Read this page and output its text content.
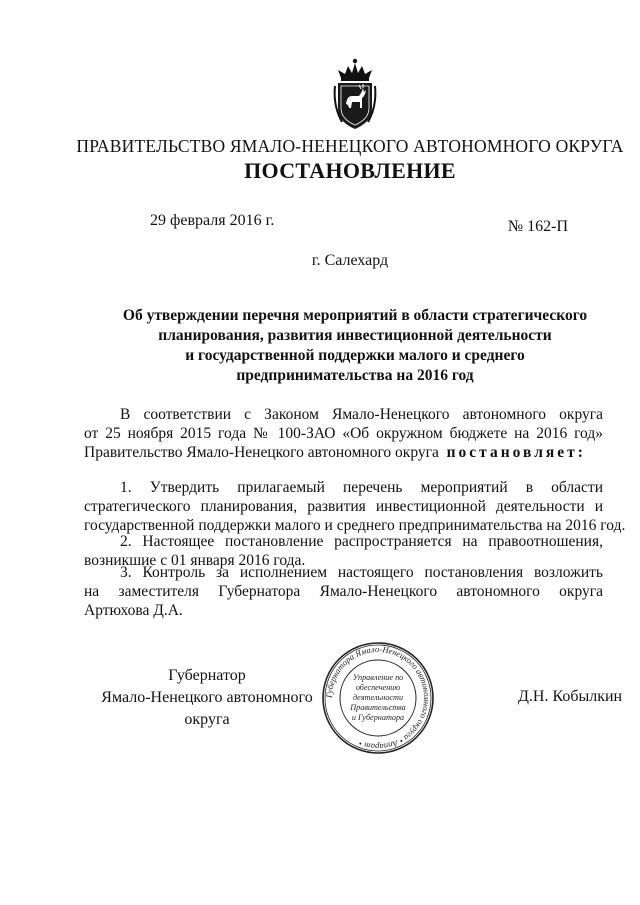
ПРАВИТЕЛЬСТВО ЯМАЛО-НЕНЕЦКОГО АВТОНОМНОГО ОКРУГА
ПОСТАНОВЛЕНИЕ
29 февраля 2016 г.	№ 162-П
г. Салехард
Об утверждении перечня мероприятий в области стратегического
планирования, развития инвестиционной деятельности
и государственной поддержки малого и среднего
предпринимательства на 2016 год
В соответствии с Законом Ямало-Ненецкого автономного округа
от 25 ноября 2015 года № 100-ЗАО «Об окружном бюджете на 2016 год»
Правительство Ямало-Ненецкого автономного округа постановляет:
1. Утвердить прилагаемый перечень мероприятий в области
стратегического планирования, развития инвестиционной деятельности и
государственной поддержки малого и среднего предпринимательства на 2016 год.
2. Настоящее постановление распространяется на правоотношения,
возникшие с 01 января 2016 года.
3. Контроль за исполнением настоящего постановления возложить
на заместителя Губернатора Ямало-Ненецкого автономного округа
Артюхова Д.А.
Губернатор
Ямало-Ненецкого автономного округа
Губернатора Ямало-Ненецкого автономного округа • Аппарат •
Управление по
обеспечению
деятельности
Правительства
и Губернатора
Д.Н. Кобылкин
